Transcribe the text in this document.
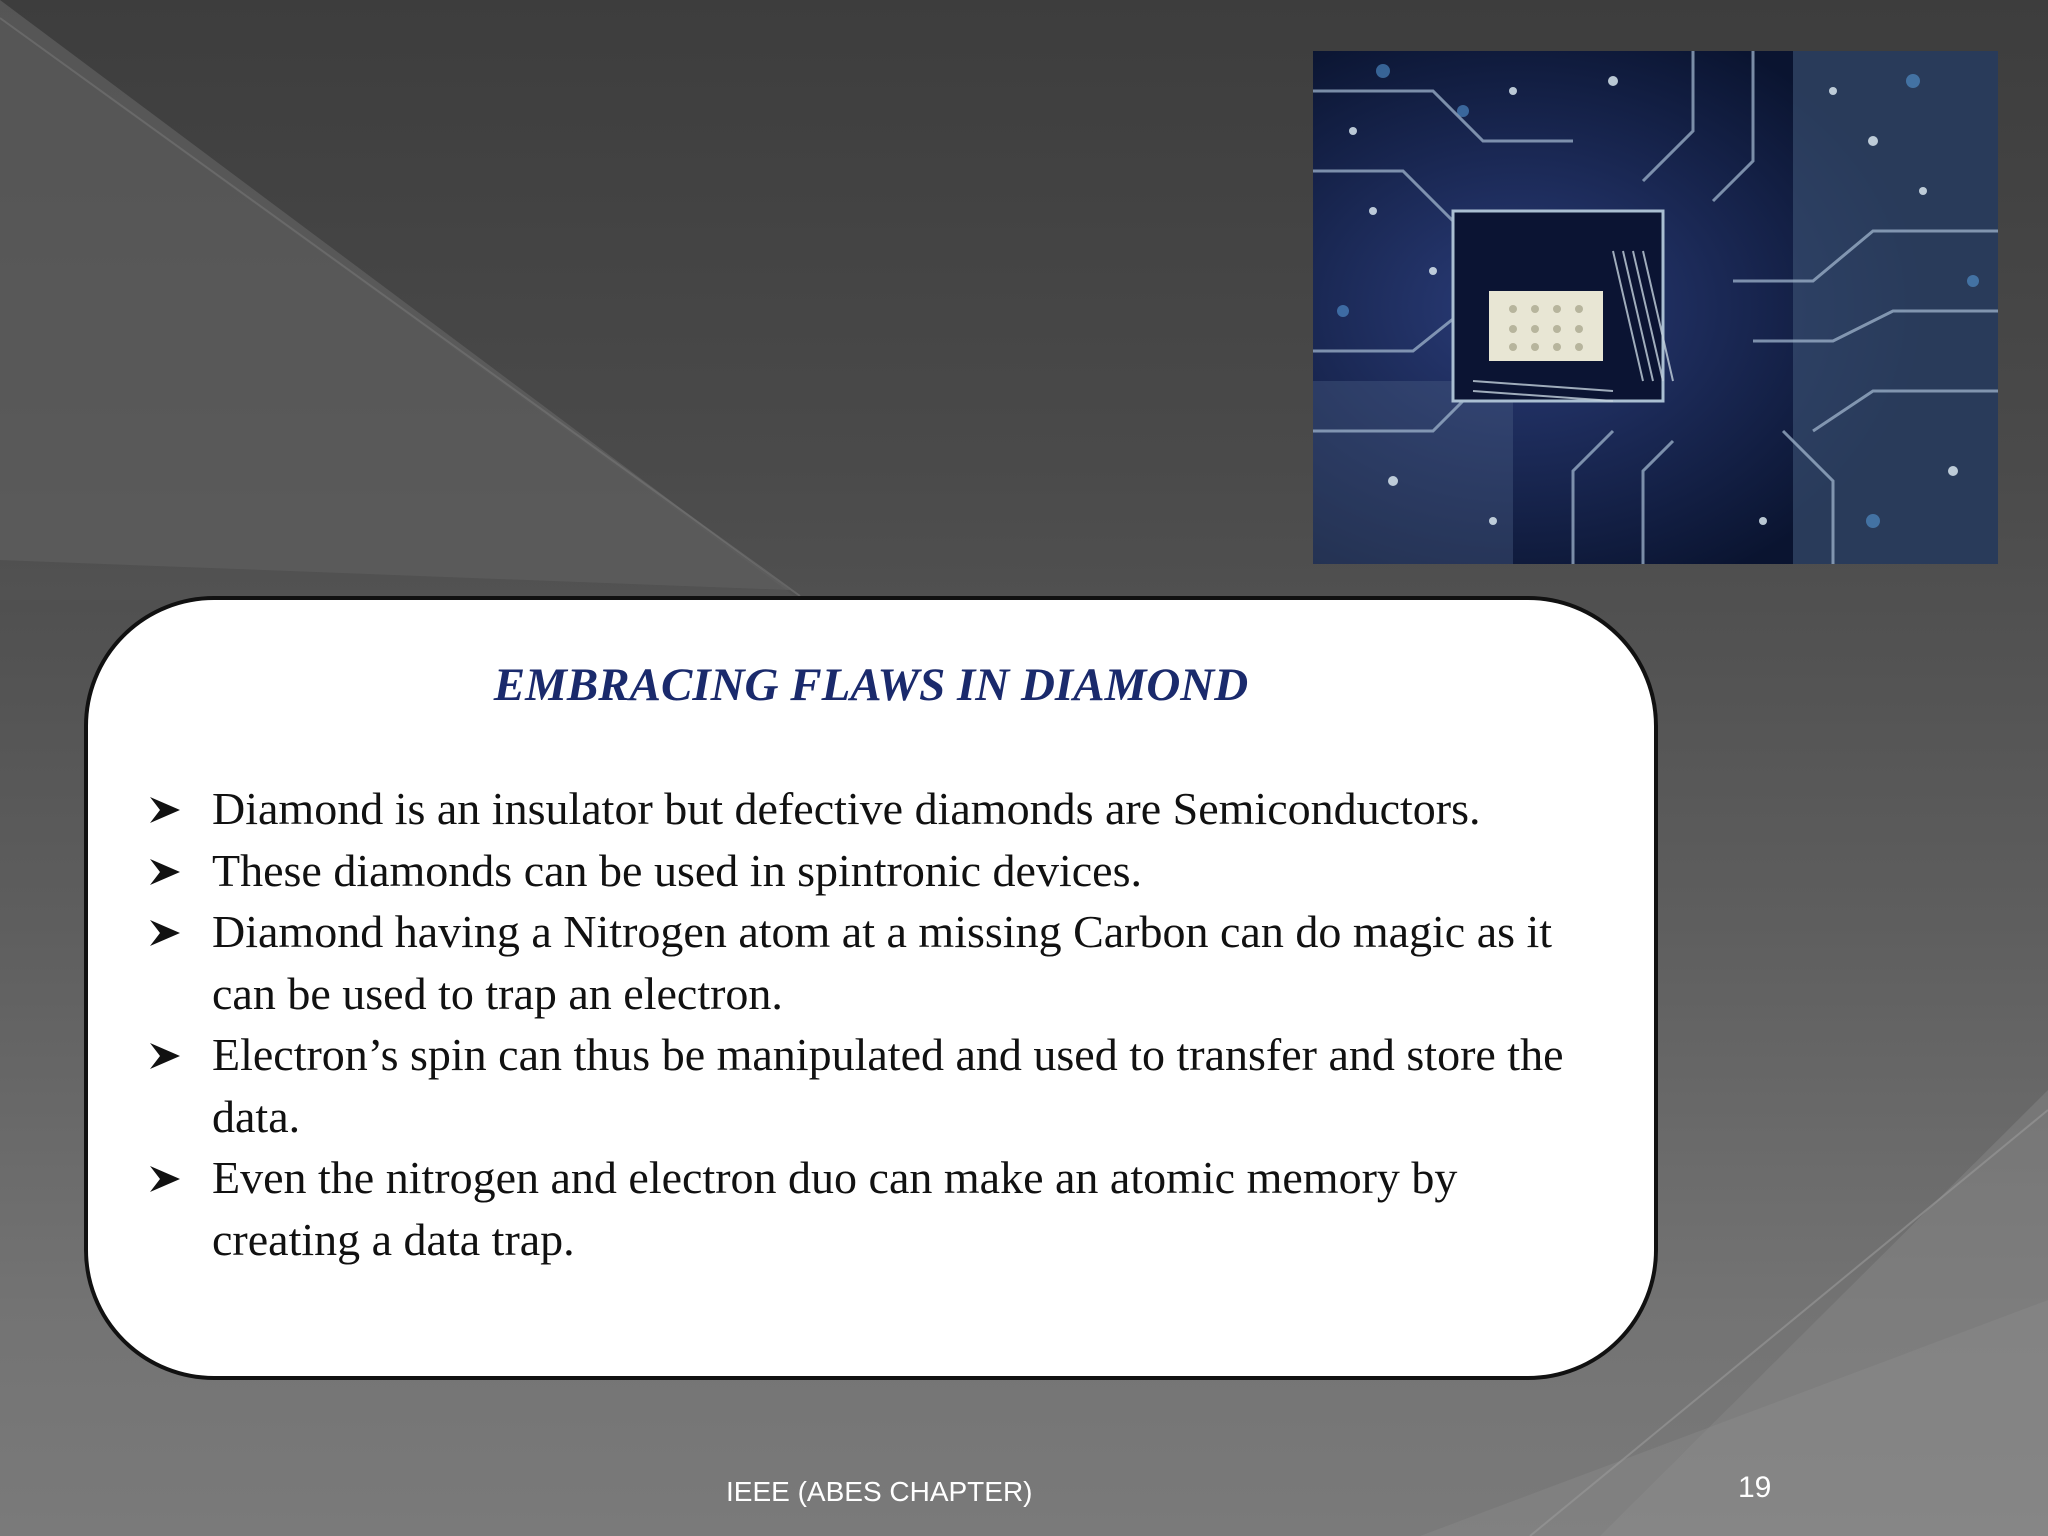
EMBRACING FLAWS IN DIAMOND
Diamond is an insulator but defective diamonds are Semiconductors.
These diamonds can be used in spintronic devices.
Diamond having a Nitrogen atom at a missing Carbon can do magic as it can be used to trap an electron.
Electron’s spin can thus be manipulated and used to transfer and store the data.
Even the nitrogen and electron duo can make an atomic memory by creating a data trap.
IEEE (ABES CHAPTER)	19
